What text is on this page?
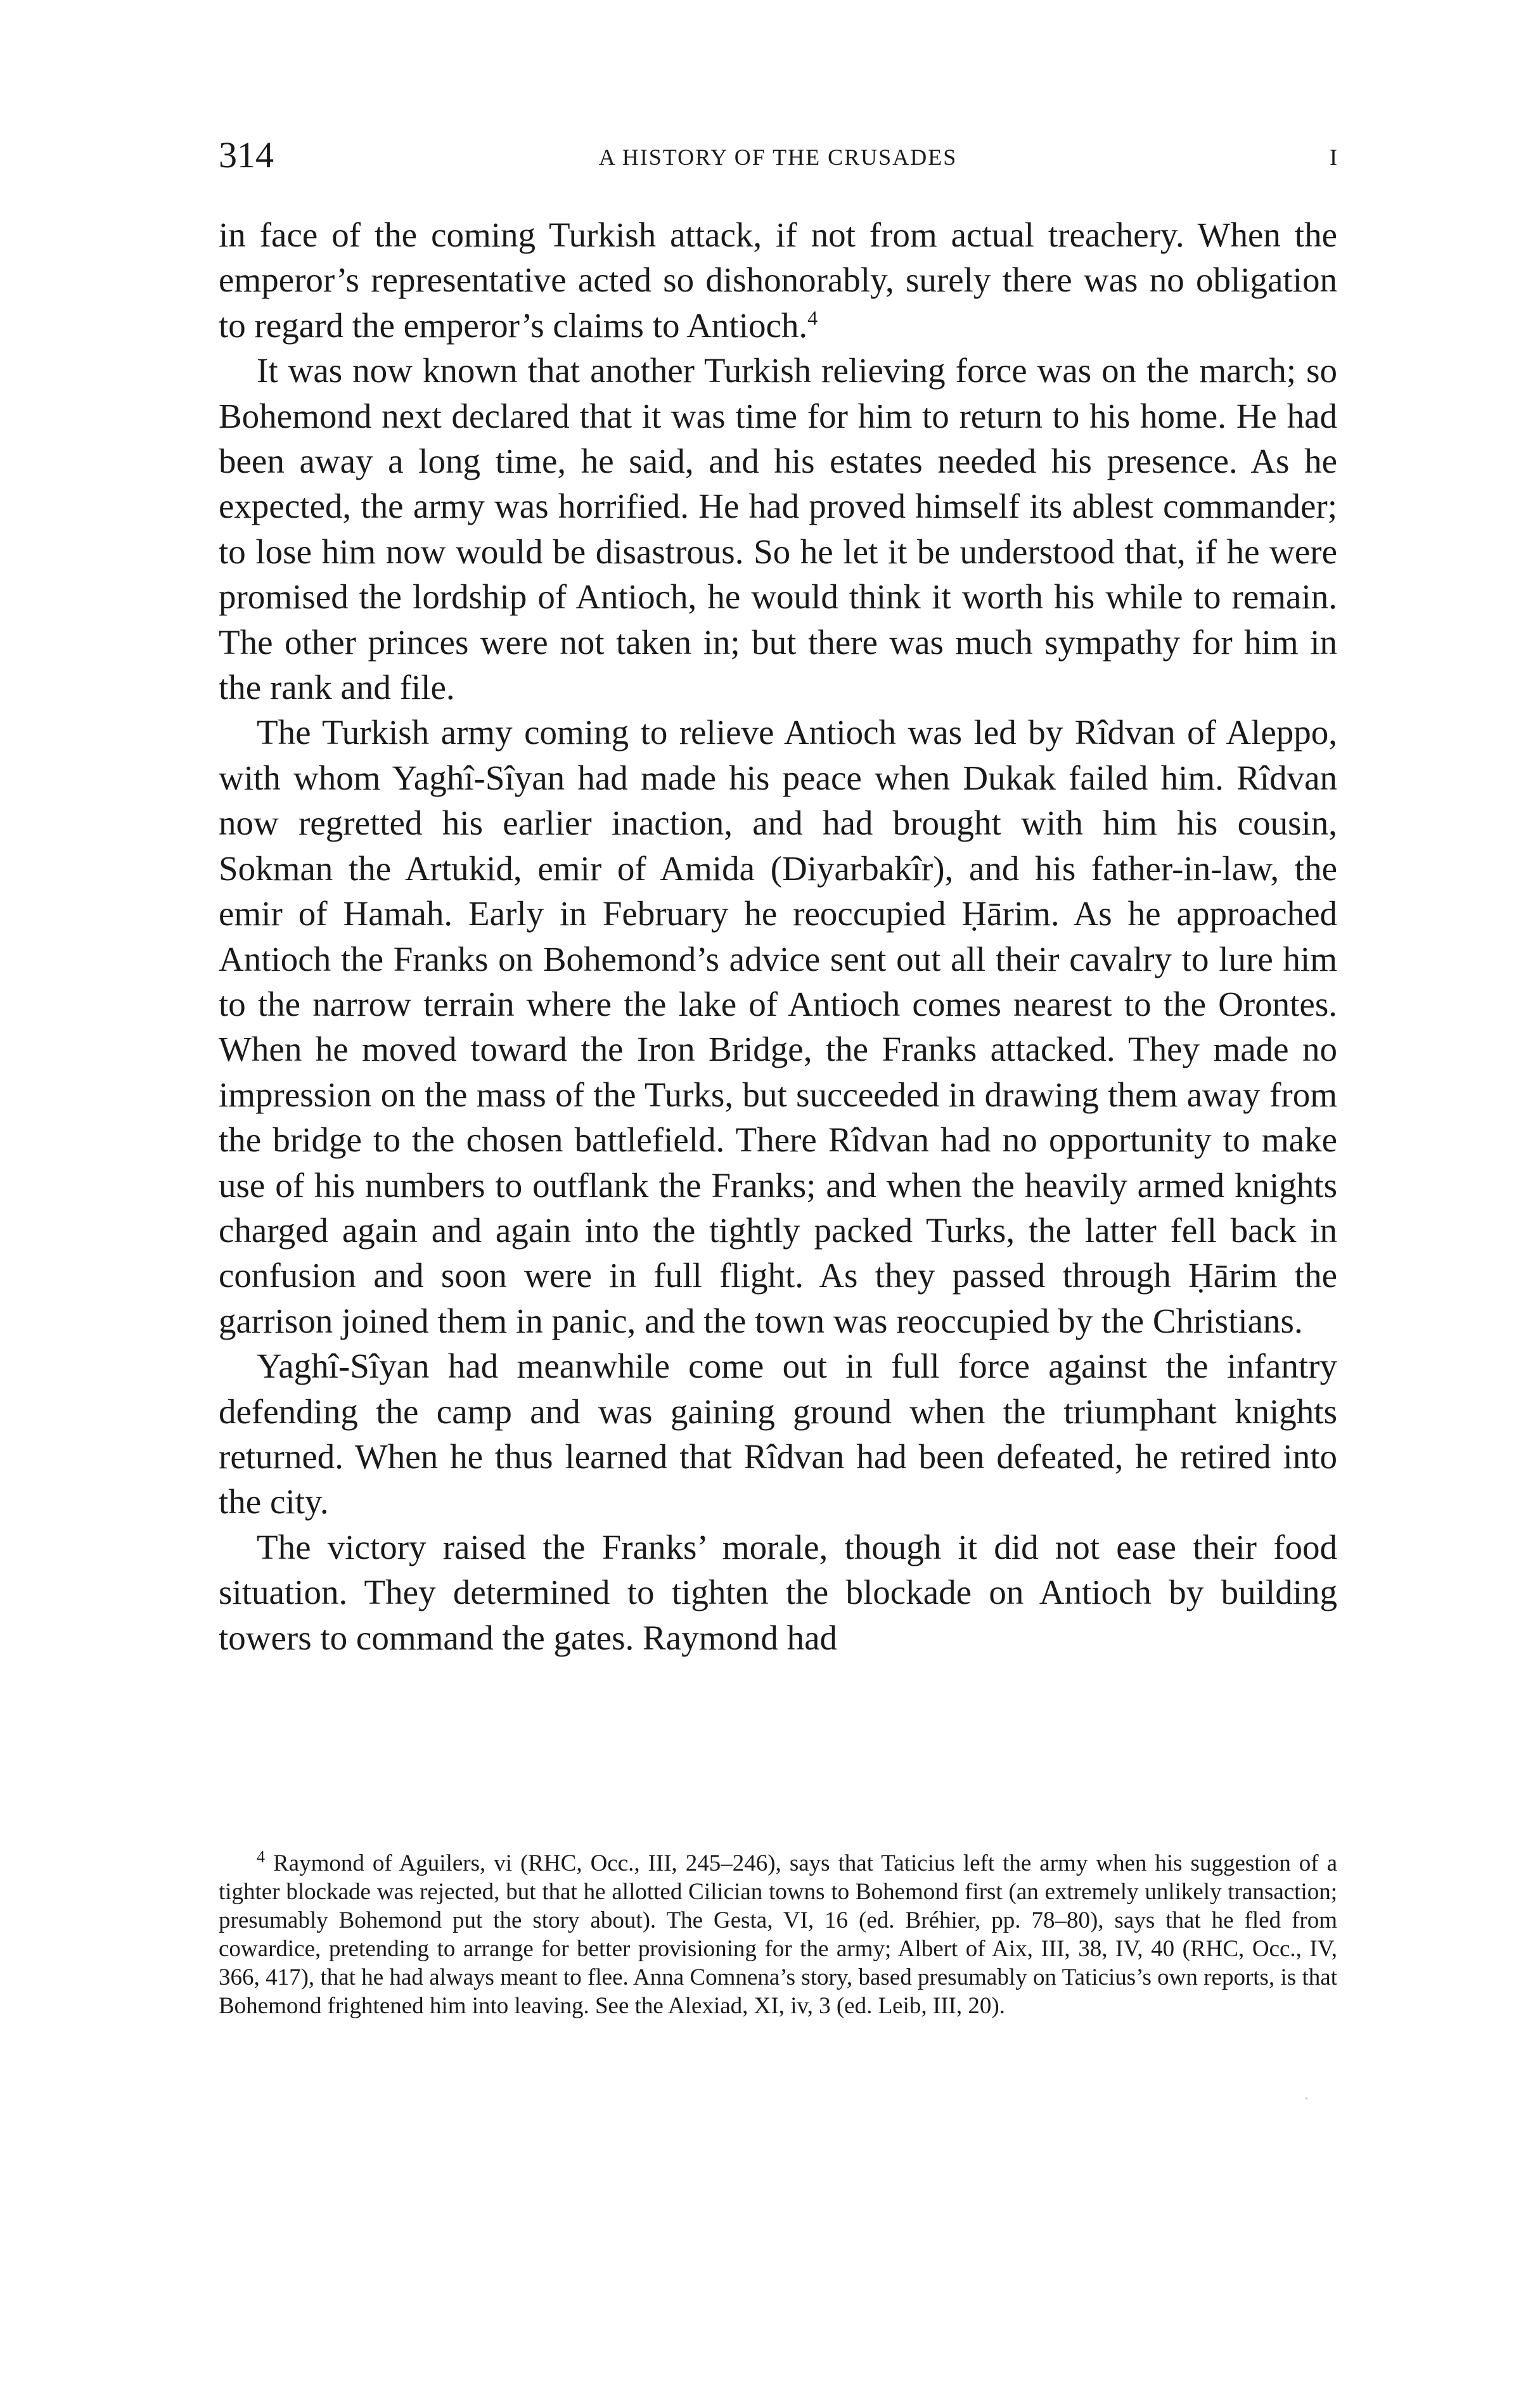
314	A HISTORY OF THE CRUSADES	I

in face of the coming Turkish attack, if not from actual treachery. When the emperor’s representative acted so dishonorably, surely there was no obligation to regard the emperor’s claims to Antioch.$^4$

It was now known that another Turkish relieving force was on the march; so Bohemond next declared that it was time for him to return to his home. He had been away a long time, he said, and his estates needed his presence. As he expected, the army was horrified. He had proved himself its ablest commander; to lose him now would be disastrous. So he let it be understood that, if he were promised the lordship of Antioch, he would think it worth his while to remain. The other princes were not taken in; but there was much sympathy for him in the rank and file.

The Turkish army coming to relieve Antioch was led by Rîdvan of Aleppo, with whom Yaghî-Sîyan had made his peace when Dukak failed him. Rîdvan now regretted his earlier inaction, and had brought with him his cousin, Sokman the Artukid, emir of Amida (Diyarbakîr), and his father-in-law, the emir of Hamah. Early in February he reoccupied Ḥārim. As he approached Antioch the Franks on Bohemond’s advice sent out all their cavalry to lure him to the narrow terrain where the lake of Antioch comes nearest to the Orontes. When he moved toward the Iron Bridge, the Franks attacked. They made no impression on the mass of the Turks, but succeeded in drawing them away from the bridge to the chosen battlefield. There Rîdvan had no opportunity to make use of his numbers to outflank the Franks; and when the heavily armed knights charged again and again into the tightly packed Turks, the latter fell back in confusion and soon were in full flight. As they passed through Ḥārim the garrison joined them in panic, and the town was reoccupied by the Christians.

Yaghî-Sîyan had meanwhile come out in full force against the infantry defending the camp and was gaining ground when the triumphant knights returned. When he thus learned that Rîdvan had been defeated, he retired into the city.

The victory raised the Franks’ morale, though it did not ease their food situation. They determined to tighten the blockade on Antioch by building towers to command the gates. Raymond had

$^4$ Raymond of Aguilers, vi (RHC, Occ., III, 245–246), says that Taticius left the army when his suggestion of a tighter blockade was rejected, but that he allotted Cilician towns to Bohemond first (an extremely unlikely transaction; presumably Bohemond put the story about). The Gesta, VI, 16 (ed. Bréhier, pp. 78–80), says that he fled from cowardice, pretending to arrange for better provisioning for the army; Albert of Aix, III, 38, IV, 40 (RHC, Occ., IV, 366, 417), that he had always meant to flee. Anna Comnena’s story, based presumably on Taticius’s own reports, is that Bohemond frightened him into leaving. See the Alexiad, XI, iv, 3 (ed. Leib, III, 20).
